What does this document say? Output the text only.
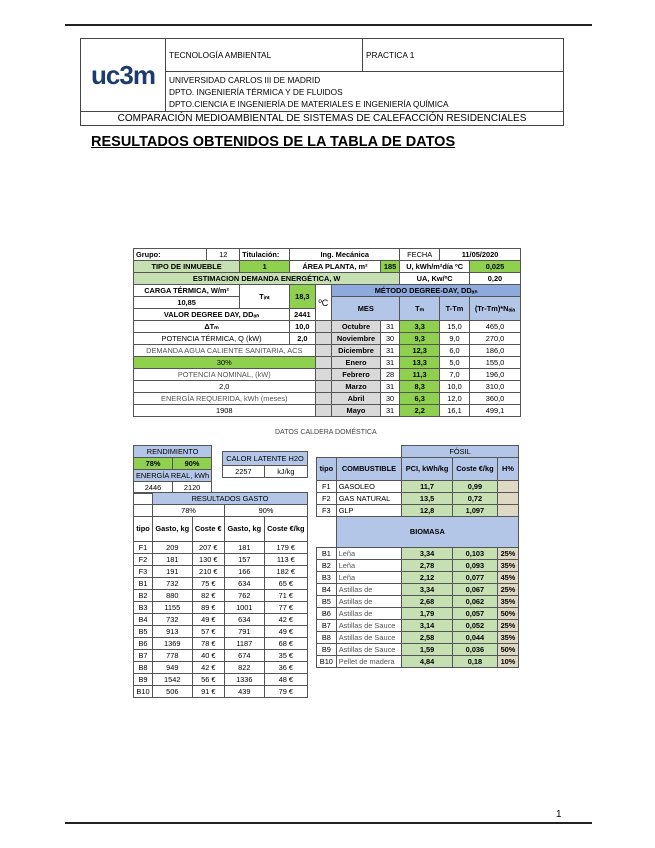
uc3m	TECNOLOGÍA AMBIENTAL	PRACTICA 1

UNIVERSIDAD CARLOS III DE MADRID
DPTO. INGENIERÍA TÉRMICA Y DE FLUIDOS
DPTO.CIENCIA E INGENIERÍA DE MATERIALES E INGENIERÍA QUÍMICA

COMPARACIÓN MEDIOAMBIENTAL DE SISTEMAS DE CALEFACCIÓN RESIDENCIALES
RESULTADOS OBTENIDOS DE LA TABLA DE DATOS
Grupo:	12	Titulación:	Ing. Mecánica				FECHA	11/05/2020	
TIPO DE INMUEBLE		1	ÁREA PLANTA, m²			185	U, kWh/m²día ºC		0,025
ESTIMACION DEMANDA ENERGÉTICA, W							UA, Kw/ºC		0,20
CARGA TÉRMICA, W/m²		Tᵢₙₜ	18,3	ºC	MÉTODO DEGREE-DAY, DDₐₙ				
10,85					MES		Tₘ	T-Tm	(Tr-Tm)*Nₐᵢₐ
VALOR DEGREE DAY, DDₐₙ			2441						
ΔTₘ			10,0		Octubre	31	3,3	15,0	465,0
POTENCIA TÉRMICA, Q (kW)			2,0		Noviembre	30	9,3	9,0	270,0
DEMANDA AGUA CALIENTE SANITARIA, ACS					Diciembre	31	12,3	6,0	186,0
30%					Enero	31	13,3	5,0	155,0
POTENCIA NOMINAL, (kW)					Febrero	28	11,3	7,0	196,0
2,0					Marzo	31	8,3	10,0	310,0
ENERGÍA REQUERIDA, kWh (meses)					Abril	30	6,3	12,0	360,0
1908					Mayo	31	2,2	16,1	499,1
DATOS CALDERA DOMÉSTICA
RENDIMIENTO	
78%	90%
ENERGÍA REAL, kWh	
2446	2120
CALOR LATENTE H2O
2257	kJ/kg
	RESULTADOS GASTO			
	78%		90%	
tipo	Gasto, kg	Coste €	Gasto, kg	Coste €/kg
F1	209	207 €	181	179 €
F2	181	130 €	157	113 €
F3	191	210 €	166	182 €
B1	732	75 €	634	65 €
B2	880	82 €	762	71 €
B3	1155	89 €	1001	77 €
B4	732	49 €	634	42 €
B5	913	57 €	791	49 €
B6	1369	78 €	1187	68 €
B7	778	40 €	674	35 €
B8	949	42 €	822	36 €
B9	1542	56 €	1336	48 €
B10	506	91 €	439	79 €
		FÓSIL		
tipo	COMBUSTIBLE	PCI, kWh/kg	Coste €/kg	H%
F1	GASOLEO	11,7	0,99	
F2	GAS NATURAL	13,5	0,72	
F3	GLP	12,8	1,097	
	BIOMASA			
B1	Leña	3,34	0,103	25%
B2	Leña	2,78	0,093	35%
B3	Leña	2,12	0,077	45%
B4	Astillas de	3,34	0,067	25%
B5	Astillas de	2,68	0,062	35%
B6	Astillas de	1,79	0,057	50%
B7	Astillas de Sauce	3,14	0,052	25%
B8	Astillas de Sauce	2,58	0,044	35%
B9	Astillas de Sauce	1,59	0,036	50%
B10	Pellet de madera	4,84	0,18	10%
1
